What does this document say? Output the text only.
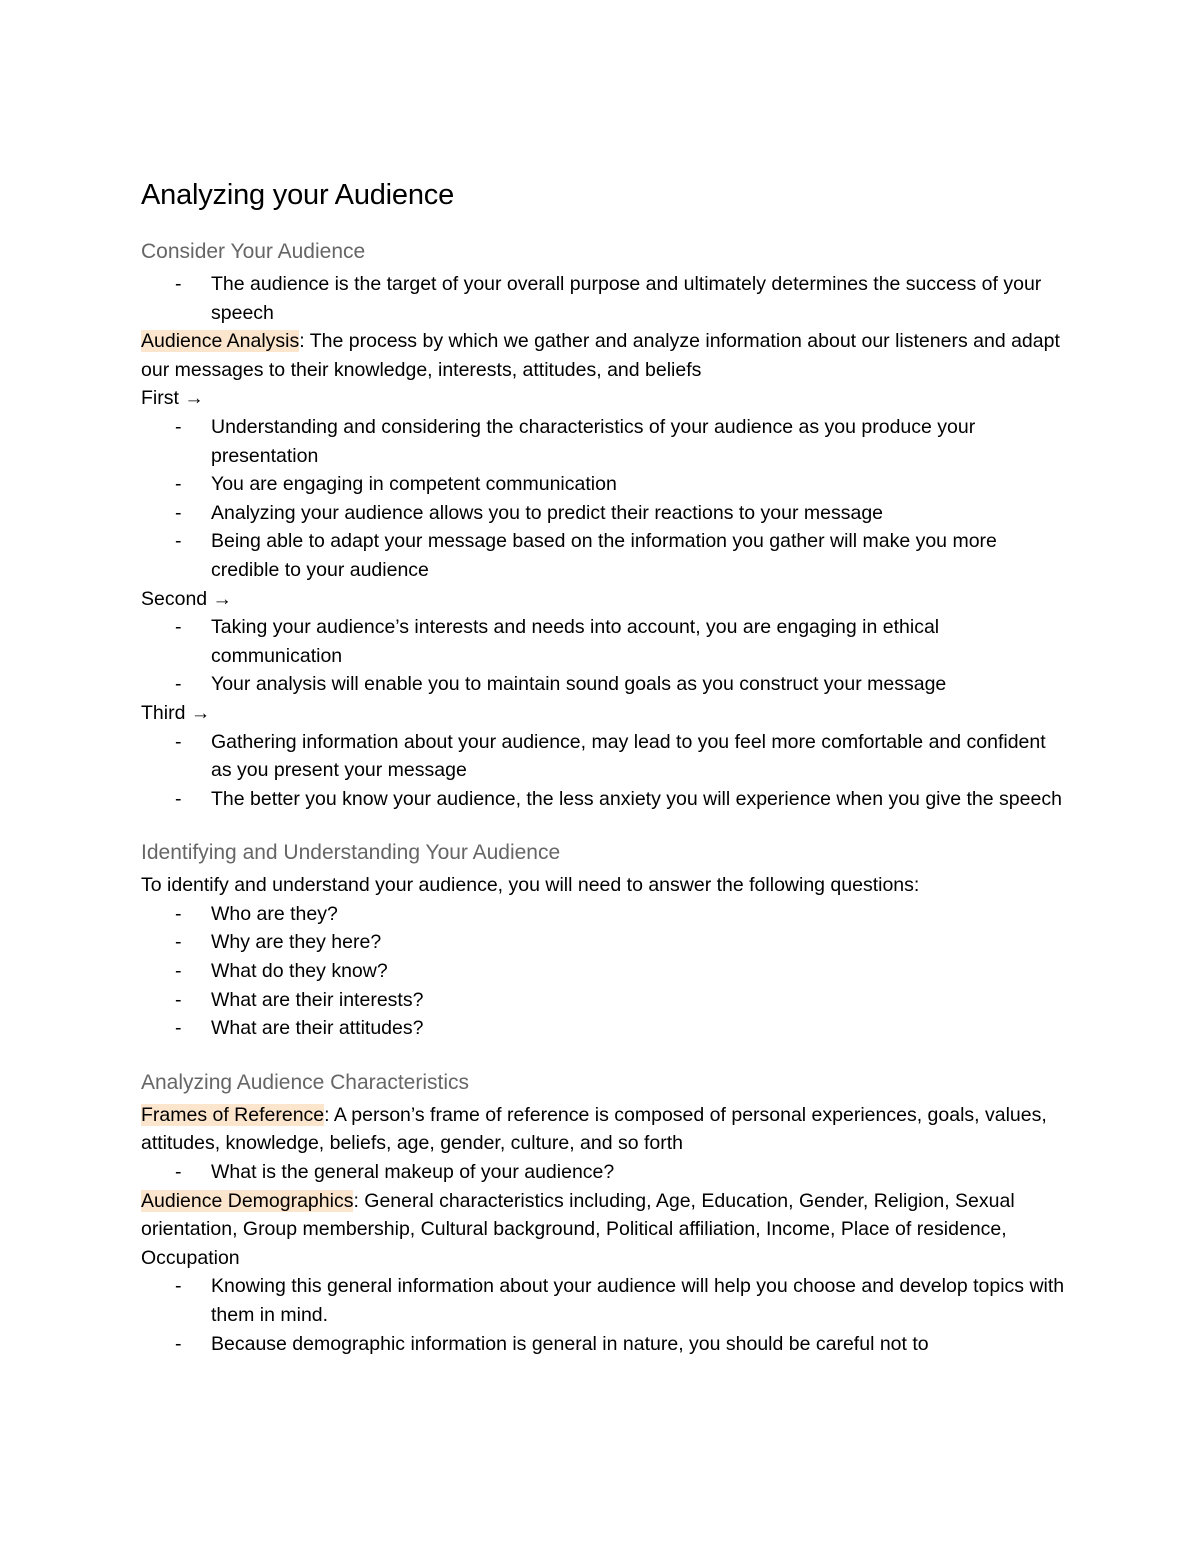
Analyzing your Audience
Consider Your Audience
- The audience is the target of your overall purpose and ultimately determines the success of your speech

Audience Analysis: The process by which we gather and analyze information about our listeners and adapt our messages to their knowledge, interests, attitudes, and beliefs

First →

- Understanding and considering the characteristics of your audience as you produce your presentation
- You are engaging in competent communication
- Analyzing your audience allows you to predict their reactions to your message
- Being able to adapt your message based on the information you gather will make you more credible to your audience

Second →

- Taking your audience’s interests and needs into account, you are engaging in ethical communication
- Your analysis will enable you to maintain sound goals as you construct your message

Third →

- Gathering information about your audience, may lead to you feel more comfortable and confident as you present your message
- The better you know your audience, the less anxiety you will experience when you give the speech
Identifying and Understanding Your Audience

To identify and understand your audience, you will need to answer the following questions:

- Who are they?
- Why are they here?
- What do they know?
- What are their interests?
- What are their attitudes?
Analyzing Audience Characteristics

Frames of Reference: A person’s frame of reference is composed of personal experiences, goals, values, attitudes, knowledge, beliefs, age, gender, culture, and so forth

- What is the general makeup of your audience?

Audience Demographics: General characteristics including, Age, Education, Gender, Religion, Sexual orientation, Group membership, Cultural background, Political affiliation, Income, Place of residence, Occupation

- Knowing this general information about your audience will help you choose and develop topics with them in mind.
- Because demographic information is general in nature, you should be careful not to
